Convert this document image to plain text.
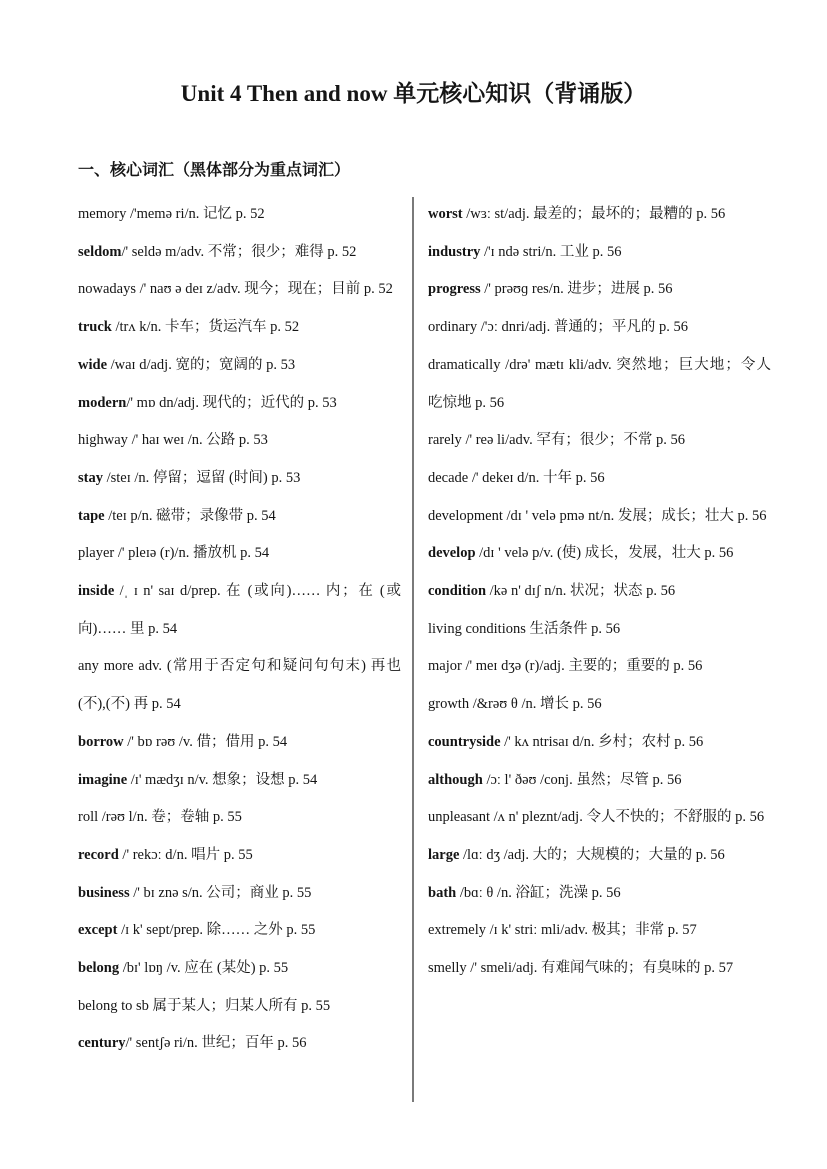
Unit 4 Then and now 单元核心知识（背诵版）
一、核心词汇（黑体部分为重点词汇）

memory /'memə ri/n. 记忆 p. 52

seldom/' seldə m/adv. 不常；很少；难得 p. 52

nowadays /' naʊ ə deɪ z/adv. 现今；现在；目前 p. 52

truck /trʌ k/n. 卡车；货运汽车 p. 52

wide /waɪ d/adj. 宽的；宽阔的 p. 53

modern/' mɒ dn/adj. 现代的；近代的 p. 53

highway /' haɪ weɪ /n. 公路 p. 53

stay /steɪ /n. 停留；逗留 (时间) p. 53

tape /teɪ p/n. 磁带；录像带 p. 54

player /' pleɪə (r)/n. 播放机 p. 54

inside /ˌ ɪ n' saɪ d/prep. 在 (或向)…… 内；在 (或向)…… 里 p. 54

any more adv. (常用于否定句和疑问句句末) 再也(不),(不) 再 p. 54

borrow /' bɒ rəʊ /v. 借；借用 p. 54

imagine /ɪ' mædʒɪ n/v. 想象；设想 p. 54

roll /rəʊ l/n. 卷；卷轴 p. 55

record /' rekɔː d/n. 唱片 p. 55

business /' bɪ znə s/n. 公司；商业 p. 55

except /ɪ k' sept/prep. 除…… 之外 p. 55

belong /bɪ' lɒŋ /v. 应在 (某处) p. 55

belong to sb 属于某人；归某人所有 p. 55

century/' sentʃə ri/n. 世纪；百年 p. 56

worst /wɜː st/adj. 最差的；最坏的；最糟的 p. 56

industry /'ɪ ndə stri/n. 工业 p. 56

progress /' prəʊɡ res/n. 进步；进展 p. 56

ordinary /'ɔː dnri/adj. 普通的；平凡的 p. 56

dramatically /drə' mætɪ kli/adv. 突然地；巨大地；令人吃惊地 p. 56

rarely /' reə li/adv. 罕有；很少；不常 p. 56

decade /' dekeɪ d/n. 十年 p. 56

development /dɪ ' velə pmə nt/n. 发展；成长；壮大 p. 56

develop /dɪ ' velə p/v. (使) 成长，发展，壮大 p. 56

condition /kə n' dɪʃ n/n. 状况；状态 p. 56

living conditions 生活条件 p. 56

major /' meɪ dʒə (r)/adj. 主要的；重要的 p. 56

growth /&rəʊ θ /n. 增长 p. 56

countryside /' kʌ ntrisaɪ d/n. 乡村；农村 p. 56

although /ɔː l' ðəʊ /conj. 虽然；尽管 p. 56

unpleasant /ʌ n' pleznt/adj. 令人不快的；不舒服的 p. 56

large /lɑː dʒ /adj. 大的；大规模的；大量的 p. 56

bath /bɑː θ /n. 浴缸；洗澡 p. 56

extremely /ɪ k' striː mli/adv. 极其；非常 p. 57

smelly /' smeli/adj. 有难闻气味的；有臭味的 p. 57
